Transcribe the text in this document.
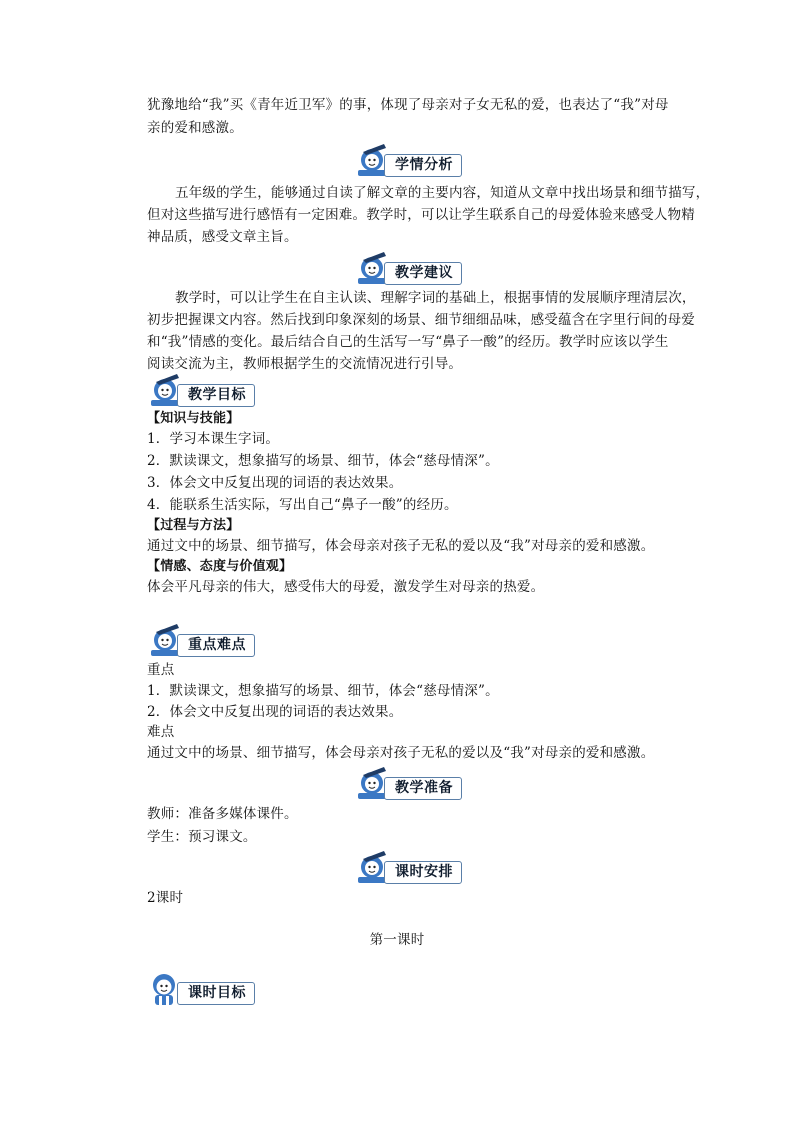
犹豫地给“我”买《青年近卫军》的事，体现了母亲对子女无私的爱，也表达了“我”对母
亲的爱和感激。
学情分析
五年级的学生，能够通过自读了解文章的主要内容，知道从文章中找出场景和细节描写，
但对这些描写进行感悟有一定困难。教学时，可以让学生联系自己的母爱体验来感受人物精
神品质，感受文章主旨。
教学建议
教学时，可以让学生在自主认读、理解字词的基础上，根据事情的发展顺序理清层次，
初步把握课文内容。然后找到印象深刻的场景、细节细细品味，感受蕴含在字里行间的母爱
和“我”情感的变化。最后结合自己的生活写一写“鼻子一酸”的经历。教学时应该以学生
阅读交流为主，教师根据学生的交流情况进行引导。
教学目标
【知识与技能】
1．学习本课生字词。
2．默读课文，想象描写的场景、细节，体会“慈母情深”。
3．体会文中反复出现的词语的表达效果。
4．能联系生活实际，写出自己“鼻子一酸”的经历。
【过程与方法】
通过文中的场景、细节描写，体会母亲对孩子无私的爱以及“我”对母亲的爱和感激。
【情感、态度与价值观】
体会平凡母亲的伟大，感受伟大的母爱，激发学生对母亲的热爱。
重点难点
重点
1．默读课文，想象描写的场景、细节，体会“慈母情深”。
2．体会文中反复出现的词语的表达效果。
难点
通过文中的场景、细节描写，体会母亲对孩子无私的爱以及“我”对母亲的爱和感激。
教学准备
教师：准备多媒体课件。
学生：预习课文。
课时安排
2课时
第一课时
课时目标
